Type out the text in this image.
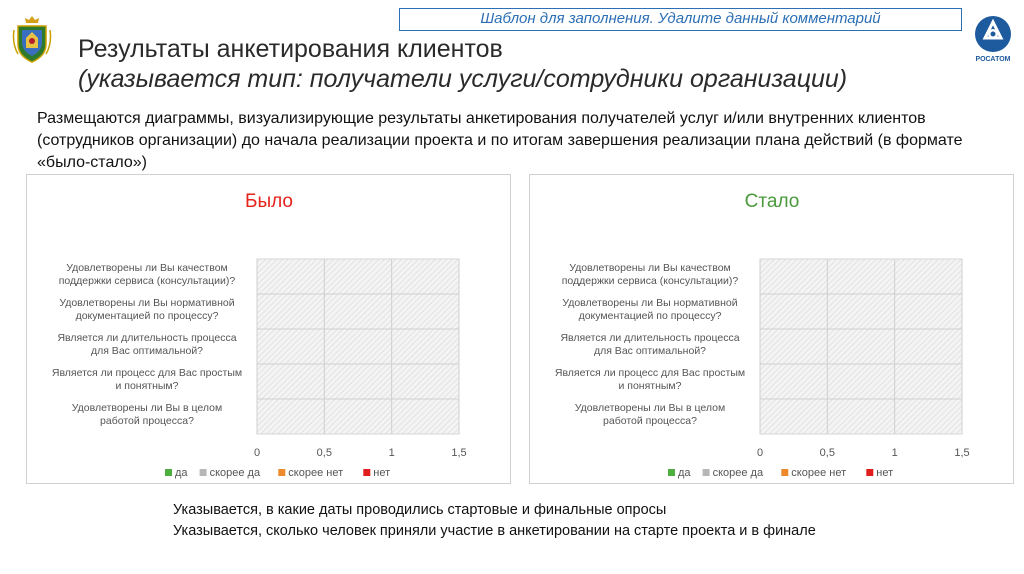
РОСАТОМ
Шаблон для заполнения. Удалите данный комментарий
Результаты анкетирования клиентов
(указывается тип: получатели услуги/сотрудники организации)
Размещаются диаграммы, визуализирующие результаты анкетирования получателей услуг и/или внутренних клиентов (сотрудников организации) до начала реализации проекта и по итогам завершения реализации плана действий (в формате «было-стало»)
Было
0	0,5	1	1,5
Удовлетворены ли Вы качеством поддержки сервиса (консультации)?
Удовлетворены ли Вы нормативной документацией по процессу?
Является ли длительность процесса для Вас оптимальной?
Является ли процесс для Вас простым и понятным?
Удовлетворены ли Вы в целом работой процесса?
да скорее да	скорее нет	нет
Стало
0	0,5	1	1,5
Удовлетворены ли Вы качеством поддержки сервиса (консультации)?
Удовлетворены ли Вы нормативной документацией по процессу?
Является ли длительность процесса для Вас оптимальной?
Является ли процесс для Вас простым и понятным?
Удовлетворены ли Вы в целом работой процесса?
да скорее да	скорее нет	нет
Указывается, в какие даты проводились стартовые и финальные опросы
Указывается, сколько человек приняли участие в анкетировании на старте проекта и в финале
